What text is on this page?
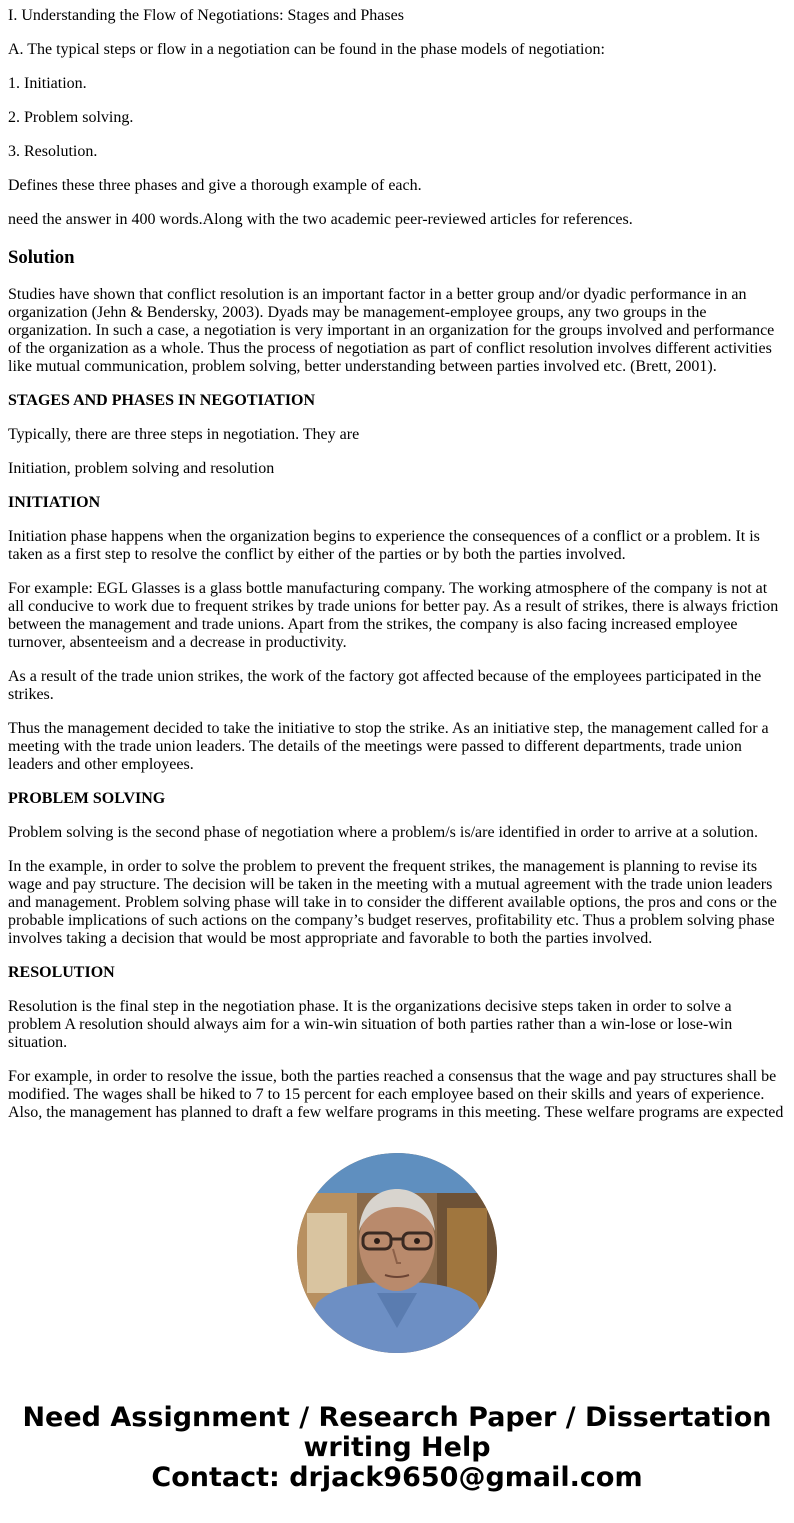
I. Understanding the Flow of Negotiations: Stages and Phases

A. The typical steps or flow in a negotiation can be found in the phase models of negotiation:

1. Initiation.

2. Problem solving.

3. Resolution.

Defines these three phases and give a thorough example of each.

need the answer in 400 words.Along with the two academic peer-reviewed articles for references.

Solution

Studies have shown that conflict resolution is an important factor in a better group and/or dyadic performance in an organization (Jehn & Bendersky, 2003). Dyads may be management-employee groups, any two groups in the organization. In such a case, a negotiation is very important in an organization for the groups involved and performance of the organization as a whole. Thus the process of negotiation as part of conflict resolution involves different activities like mutual communication, problem solving, better understanding between parties involved etc. (Brett, 2001).

STAGES AND PHASES IN NEGOTIATION

Typically, there are three steps in negotiation. They are

Initiation, problem solving and resolution

INITIATION

Initiation phase happens when the organization begins to experience the consequences of a conflict or a problem. It is taken as a first step to resolve the conflict by either of the parties or by both the parties involved.

For example: EGL Glasses is a glass bottle manufacturing company. The working atmosphere of the company is not at all conducive to work due to frequent strikes by trade unions for better pay. As a result of strikes, there is always friction between the management and trade unions. Apart from the strikes, the company is also facing increased employee turnover, absenteeism and a decrease in productivity.

As a result of the trade union strikes, the work of the factory got affected because of the employees participated in the strikes.

Thus the management decided to take the initiative to stop the strike. As an initiative step, the management called for a meeting with the trade union leaders. The details of the meetings were passed to different departments, trade union leaders and other employees.

PROBLEM SOLVING

Problem solving is the second phase of negotiation where a problem/s is/are identified in order to arrive at a solution.

In the example, in order to solve the problem to prevent the frequent strikes, the management is planning to revise its wage and pay structure. The decision will be taken in the meeting with a mutual agreement with the trade union leaders and management. Problem solving phase will take in to consider the different available options, the pros and cons or the probable implications of such actions on the company’s budget reserves, profitability etc. Thus a problem solving phase involves taking a decision that would be most appropriate and favorable to both the parties involved.

RESOLUTION

Resolution is the final step in the negotiation phase. It is the organizations decisive steps taken in order to solve a problem A resolution should always aim for a win-win situation of both parties rather than a win-lose or lose-win situation.

For example, in order to resolve the issue, both the parties reached a consensus that the wage and pay structures shall be modified. The wages shall be hiked to 7 to 15 percent for each employee based on their skills and years of experience. Also, the management has planned to draft a few welfare programs in this meeting. These welfare programs are expected

Need Assignment / Research Paper / Dissertation
writing Help
Contact: drjack9650@gmail.com
